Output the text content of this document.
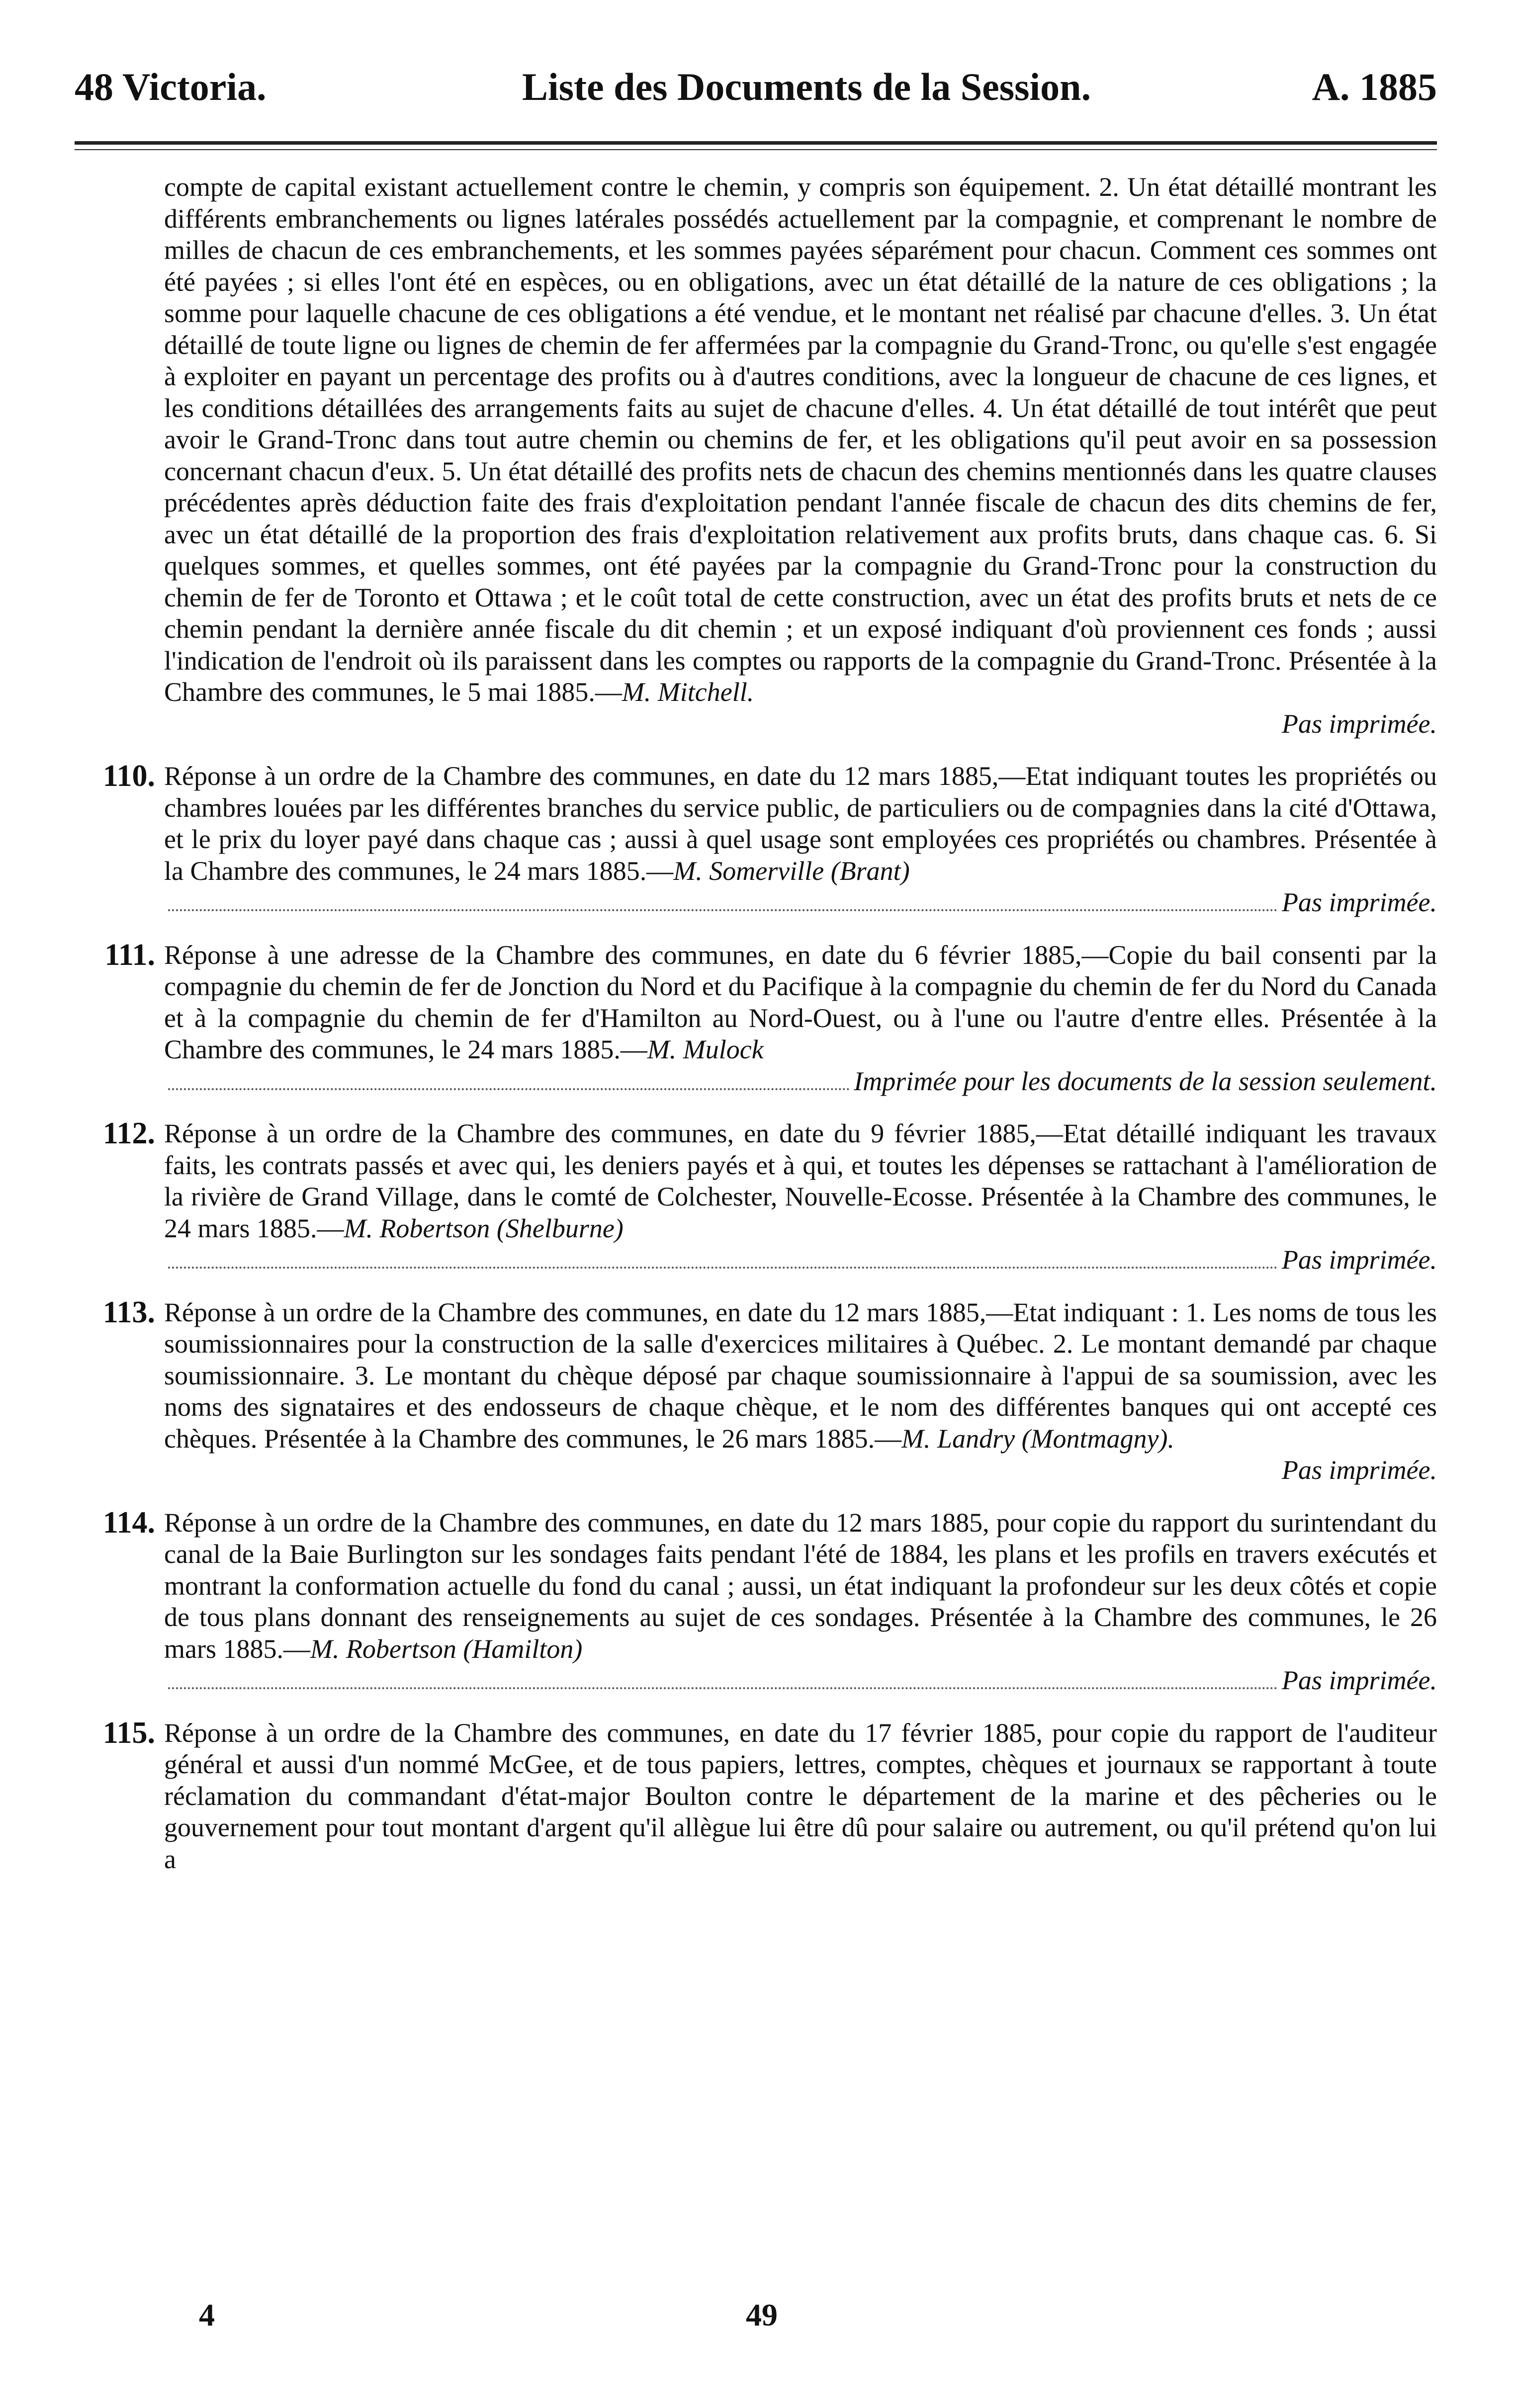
48 Victoria.	Liste des Documents de la Session.	A. 1885
compte de capital existant actuellement contre le chemin, y compris son équipement. 2. Un état détaillé montrant les différents embranchements ou lignes latérales possédés actuellement par la compagnie, et comprenant le nombre de milles de chacun de ces embranchements, et les sommes payées séparément pour chacun. Comment ces sommes ont été payées ; si elles l'ont été en espèces, ou en obligations, avec un état détaillé de la nature de ces obligations ; la somme pour laquelle chacune de ces obligations a été vendue, et le montant net réalisé par chacune d'elles. 3. Un état détaillé de toute ligne ou lignes de chemin de fer affermées par la compagnie du Grand-Tronc, ou qu'elle s'est engagée à exploiter en payant un percentage des profits ou à d'autres conditions, avec la longueur de chacune de ces lignes, et les conditions détaillées des arrangements faits au sujet de chacune d'elles. 4. Un état détaillé de tout intérêt que peut avoir le Grand-Tronc dans tout autre chemin ou chemins de fer, et les obligations qu'il peut avoir en sa possession concernant chacun d'eux. 5. Un état détaillé des profits nets de chacun des chemins mentionnés dans les quatre clauses précédentes après déduction faite des frais d'exploitation pendant l'année fiscale de chacun des dits chemins de fer, avec un état détaillé de la proportion des frais d'exploitation relativement aux profits bruts, dans chaque cas. 6. Si quelques sommes, et quelles sommes, ont été payées par la compagnie du Grand-Tronc pour la construction du chemin de fer de Toronto et Ottawa ; et le coût total de cette construction, avec un état des profits bruts et nets de ce chemin pendant la dernière année fiscale du dit chemin ; et un exposé indiquant d'où proviennent ces fonds ; aussi l'indication de l'endroit où ils paraissent dans les comptes ou rapports de la compagnie du Grand-Tronc. Présentée à la Chambre des communes, le 5 mai 1885.—M. Mitchell.
Pas imprimée.
110. Réponse à un ordre de la Chambre des communes, en date du 12 mars 1885,—Etat indiquant toutes les propriétés ou chambres louées par les différentes branches du service public, de particuliers ou de compagnies dans la cité d'Ottawa, et le prix du loyer payé dans chaque cas ; aussi à quel usage sont employées ces propriétés ou chambres. Présentée à la Chambre des communes, le 24 mars 1885.—M. Somerville (Brant)
Pas imprimée.
111. Réponse à une adresse de la Chambre des communes, en date du 6 février 1885,—Copie du bail consenti par la compagnie du chemin de fer de Jonction du Nord et du Pacifique à la compagnie du chemin de fer du Nord du Canada et à la compagnie du chemin de fer d'Hamilton au Nord-Ouest, ou à l'une ou l'autre d'entre elles. Présentée à la Chambre des communes, le 24 mars 1885.—M. Mulock
Imprimée pour les documents de la session seulement.
112. Réponse à un ordre de la Chambre des communes, en date du 9 février 1885,—Etat détaillé indiquant les travaux faits, les contrats passés et avec qui, les deniers payés et à qui, et toutes les dépenses se rattachant à l'amélioration de la rivière de Grand Village, dans le comté de Colchester, Nouvelle-Ecosse. Présentée à la Chambre des communes, le 24 mars 1885.—M. Robertson (Shelburne)
Pas imprimée.
113. Réponse à un ordre de la Chambre des communes, en date du 12 mars 1885,—Etat indiquant : 1. Les noms de tous les soumissionnaires pour la construction de la salle d'exercices militaires à Québec. 2. Le montant demandé par chaque soumissionnaire. 3. Le montant du chèque déposé par chaque soumissionnaire à l'appui de sa soumission, avec les noms des signataires et des endosseurs de chaque chèque, et le nom des différentes banques qui ont accepté ces chèques. Présentée à la Chambre des communes, le 26 mars 1885.—M. Landry (Montmagny).
Pas imprimée.
114. Réponse à un ordre de la Chambre des communes, en date du 12 mars 1885, pour copie du rapport du surintendant du canal de la Baie Burlington sur les sondages faits pendant l'été de 1884, les plans et les profils en travers exécutés et montrant la conformation actuelle du fond du canal ; aussi, un état indiquant la profondeur sur les deux côtés et copie de tous plans donnant des renseignements au sujet de ces sondages. Présentée à la Chambre des communes, le 26 mars 1885.—M. Robertson (Hamilton)
Pas imprimée.
115. Réponse à un ordre de la Chambre des communes, en date du 17 février 1885, pour copie du rapport de l'auditeur général et aussi d'un nommé McGee, et de tous papiers, lettres, comptes, chèques et journaux se rapportant à toute réclamation du commandant d'état-major Boulton contre le département de la marine et des pêcheries ou le gouvernement pour tout montant d'argent qu'il allègue lui être dû pour salaire ou autrement, ou qu'il prétend qu'on lui a
4	49
